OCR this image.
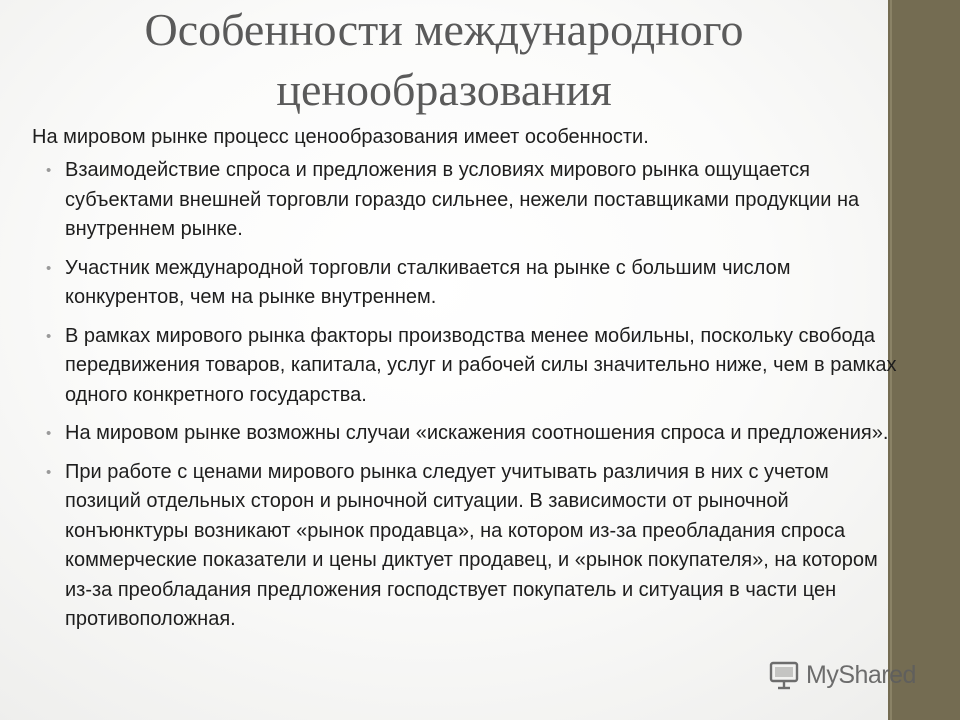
Особенности международного
ценообразования

На мировом рынке процесс ценообразования имеет особенности.

• Взаимодействие спроса и предложения в условиях мирового рынка ощущается субъектами внешней торговли гораздо сильнее, нежели поставщиками продукции на внутреннем рынке.
• Участник международной торговли сталкивается на рынке с большим числом конкурентов, чем на рынке внутреннем.
• В рамках мирового рынка факторы производства менее мобильны, поскольку свобода передвижения товаров, капитала, услуг и рабочей силы значительно ниже, чем в рамках одного конкретного государства.
• На мировом рынке возможны случаи «искажения соотношения спроса и предложения».
• При работе с ценами мирового рынка следует учитывать различия в них с учетом позиций отдельных сторон и рыночной ситуации. В зависимости от рыночной конъюнктуры возникают «рынок продавца», на котором из-за преобладания спроса коммерческие показатели и цены диктует продавец, и «рынок покупателя», на котором из-за преобладания предложения господствует покупатель и ситуация в части цен противоположная.
MyShared
